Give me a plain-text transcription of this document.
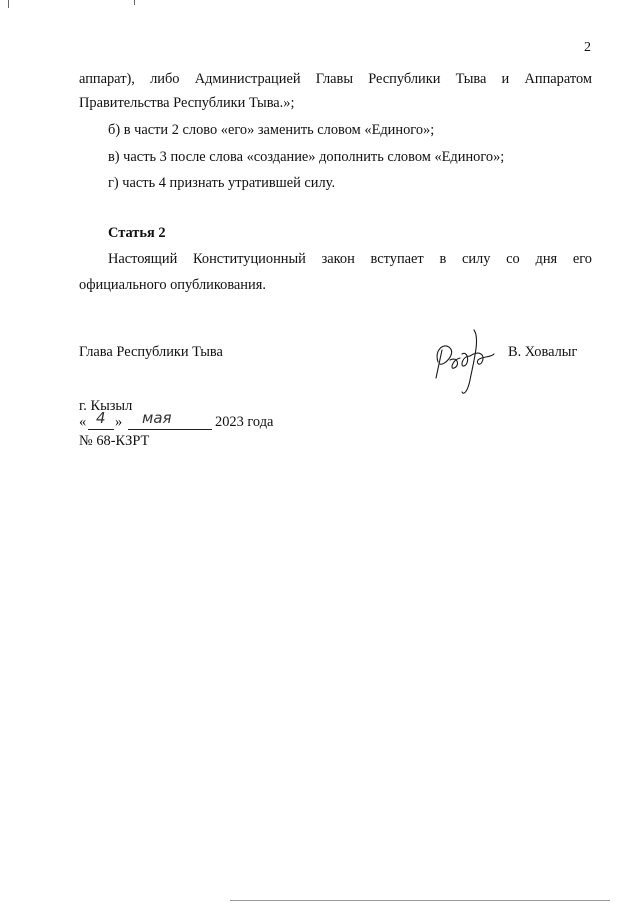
2
аппарат), либо Администрацией Главы Республики Тыва и Аппаратом
Правительства Республики Тыва.»;
б) в части 2 слово «его» заменить словом «Единого»;
в) часть 3 после слова «создание» дополнить словом «Единого»;
г) часть 4 признать утратившей силу.
Статья 2
Настоящий Конституционный закон вступает в силу со дня его
официального опубликования.
Глава Республики Тыва	В. Ховалыг
г. Кызыл
« 4 » мая	2023 года
№ 68-КЗРТ
